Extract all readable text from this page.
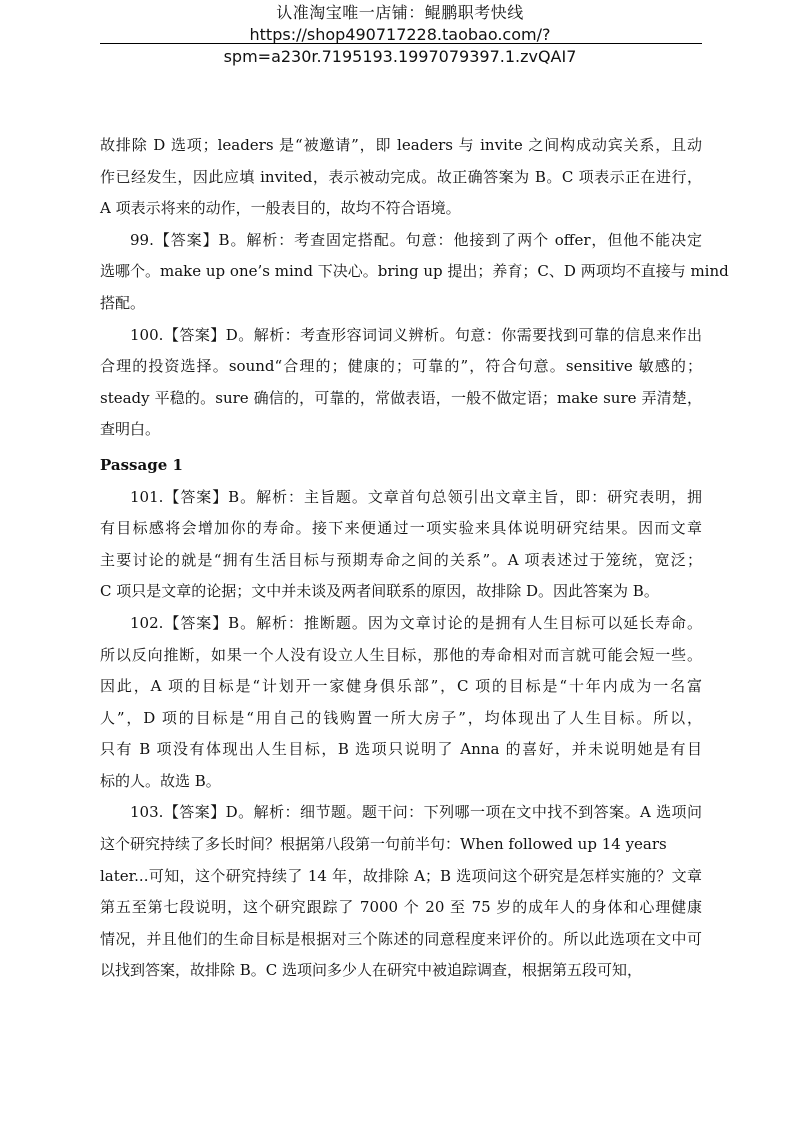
认准淘宝唯一店铺：鲲鹏职考快线
https://shop490717228.taobao.com/?spm=a230r.7195193.1997079397.1.zvQAI7

故排除 D 选项；leaders 是“被邀请”，即 leaders 与 invite 之间构成动宾关系，且动
作已经发生，因此应填 invited，表示被动完成。故正确答案为 B。C 项表示正在进行，
A 项表示将来的动作，一般表目的，故均不符合语境。

99.【答案】B。解析：考查固定搭配。句意：他接到了两个 offer，但他不能决定
选哪个。make up one’s mind 下决心。bring up 提出；养育；C、D 两项均不直接与 mind
搭配。

100.【答案】D。解析：考查形容词词义辨析。句意：你需要找到可靠的信息来作出
合理的投资选择。sound“合理的；健康的；可靠的”，符合句意。sensitive 敏感的；
steady 平稳的。sure 确信的，可靠的，常做表语，一般不做定语；make sure 弄清楚，
查明白。

Passage 1

101.【答案】B。解析：主旨题。文章首句总领引出文章主旨，即：研究表明，拥
有目标感将会增加你的寿命。接下来便通过一项实验来具体说明研究结果。因而文章
主要讨论的就是“拥有生活目标与预期寿命之间的关系”。A 项表述过于笼统，宽泛；
C 项只是文章的论据；文中并未谈及两者间联系的原因，故排除 D。因此答案为 B。

102.【答案】B。解析：推断题。因为文章讨论的是拥有人生目标可以延长寿命。
所以反向推断，如果一个人没有设立人生目标，那他的寿命相对而言就可能会短一些。
因此，A 项的目标是“计划开一家健身俱乐部”，C 项的目标是“十年内成为一名富
人”，D 项的目标是“用自己的钱购置一所大房子”，均体现出了人生目标。所以，
只有 B 项没有体现出人生目标，B 选项只说明了 Anna 的喜好，并未说明她是有目
标的人。故选 B。

103.【答案】D。解析：细节题。题干问：下列哪一项在文中找不到答案。A 选项问
这个研究持续了多长时间？根据第八段第一句前半句：When followed up 14 years
later...可知，这个研究持续了 14 年，故排除 A；B 选项问这个研究是怎样实施的？文章
第五至第七段说明，这个研究跟踪了 7000 个 20 至 75 岁的成年人的身体和心理健康
情况，并且他们的生命目标是根据对三个陈述的同意程度来评价的。所以此选项在文中可
以找到答案，故排除 B。C 选项问多少人在研究中被追踪调查，根据第五段可知，
